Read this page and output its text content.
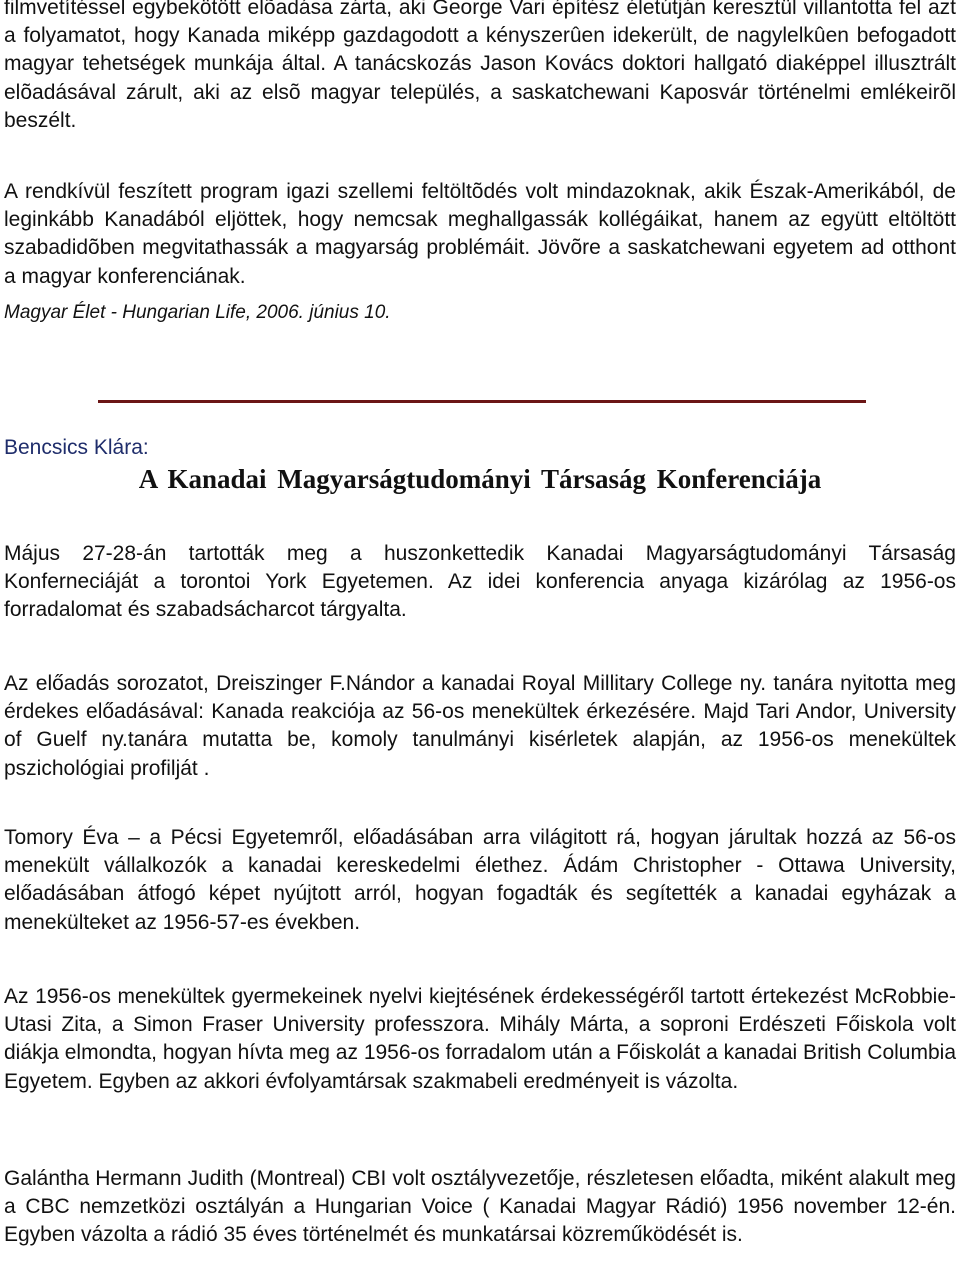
filmvetítéssel egybekötött elõadása zárta, aki George Vari építész életútján keresztül villantotta fel azt a folyamatot, hogy Kanada miképp gazdagodott a kényszerûen idekerült, de nagylelkûen befogadott magyar tehetségek munkája által. A tanácskozás Jason Kovács doktori hallgató diaképpel illusztrált elõadásával zárult, aki az elsõ magyar település, a saskatchewani Kaposvár történelmi emlékeirõl beszélt.

A rendkívül feszített program igazi szellemi feltöltõdés volt mindazoknak, akik Észak-Amerikából, de leginkább Kanadából eljöttek, hogy nemcsak meghallgassák kollégáikat, hanem az együtt eltöltött szabadidõben megvitathassák a magyarság problémáit. Jövõre a saskatchewani egyetem ad otthont a magyar konferenciának.

Magyar Élet - Hungarian Life, 2006. június 10.

Bencsics Klára:

A Kanadai Magyarságtudományi Társaság Konferenciája

Május 27-28-án tartották meg a huszonkettedik Kanadai Magyarságtudományi Társaság Konferneciáját a torontoi York Egyetemen. Az idei konferencia anyaga kizárólag az 1956-os forradalomat és szabadsácharcot tárgyalta.

Az előadás sorozatot, Dreiszinger F.Nándor a kanadai Royal Millitary College ny. tanára nyitotta meg érdekes előadásával: Kanada reakciója az 56-os menekültek érkezésére. Majd Tari Andor, University of Guelf ny.tanára mutatta be, komoly tanulmányi kisérletek alapján, az 1956-os menekültek pszichológiai profilját .

Tomory Éva – a Pécsi Egyetemről, előadásában arra világitott rá, hogyan járultak hozzá az 56-os menekült vállalkozók a kanadai kereskedelmi élethez. Ádám Christopher - Ottawa University, előadásában átfogó képet nyújtott arról, hogyan fogadták és segítették a kanadai egyházak a menekülteket az 1956-57-es években.

Az 1956-os menekültek gyermekeinek nyelvi kiejtésének érdekességéről tartott értekezést McRobbie-Utasi Zita, a Simon Fraser University professzora. Mihály Márta, a soproni Erdészeti Főiskola volt diákja elmondta, hogyan hívta meg az 1956-os forradalom után a Főiskolát a kanadai British Columbia Egyetem. Egyben az akkori évfolyamtársak szakmabeli eredményeit is vázolta.

Galántha Hermann Judith (Montreal) CBI volt osztályvezetője, részletesen előadta, miként alakult meg a CBC nemzetközi osztályán a Hungarian Voice ( Kanadai Magyar Rádió) 1956 november 12-én. Egyben vázolta a rádió 35 éves történelmét és munkatársai közreműködését is.
